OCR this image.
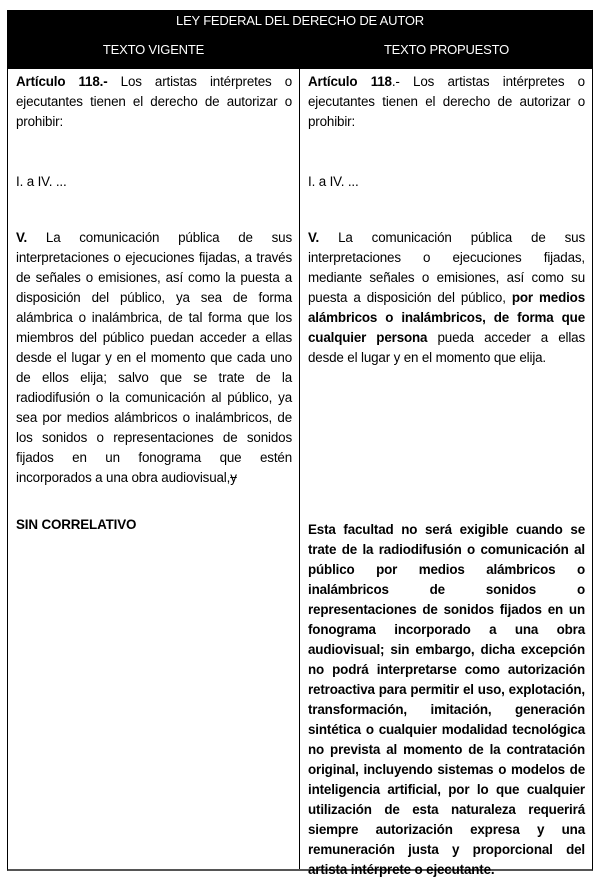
LEY FEDERAL DEL DERECHO DE AUTOR
TEXTO VIGENTE	TEXTO PROPUESTO

Artículo 118.- Los artistas intérpretes o ejecutantes tienen el derecho de autorizar o prohibir:

I. a IV. ...

V. La comunicación pública de sus interpretaciones o ejecuciones fijadas, a través de señales o emisiones, así como la puesta a disposición del público, ya sea de forma alámbrica o inalámbrica, de tal forma que los miembros del público puedan acceder a ellas desde el lugar y en el momento que cada uno de ellos elija; salvo que se trate de la radiodifusión o la comunicación al público, ya sea por medios alámbricos o inalámbricos, de los sonidos o representaciones de sonidos fijados en un fonograma que estén incorporados a una obra audiovisual,y

SIN CORRELATIVO

Artículo 118.- Los artistas intérpretes o ejecutantes tienen el derecho de autorizar o prohibir:

I. a IV. ...

V. La comunicación pública de sus interpretaciones o ejecuciones fijadas, mediante señales o emisiones, así como su puesta a disposición del público, por medios alámbricos o inalámbricos, de forma que cualquier persona pueda acceder a ellas desde el lugar y en el momento que elija.

Esta facultad no será exigible cuando se trate de la radiodifusión o comunicación al público por medios alámbricos o inalámbricos de sonidos o representaciones de sonidos fijados en un fonograma incorporado a una obra audiovisual; sin embargo, dicha excepción no podrá interpretarse como autorización retroactiva para permitir el uso, explotación, transformación, imitación, generación sintética o cualquier modalidad tecnológica no prevista al momento de la contratación original, incluyendo sistemas o modelos de inteligencia artificial, por lo que cualquier utilización de esta naturaleza requerirá siempre autorización expresa y una remuneración justa y proporcional del artista intérprete o ejecutante.
